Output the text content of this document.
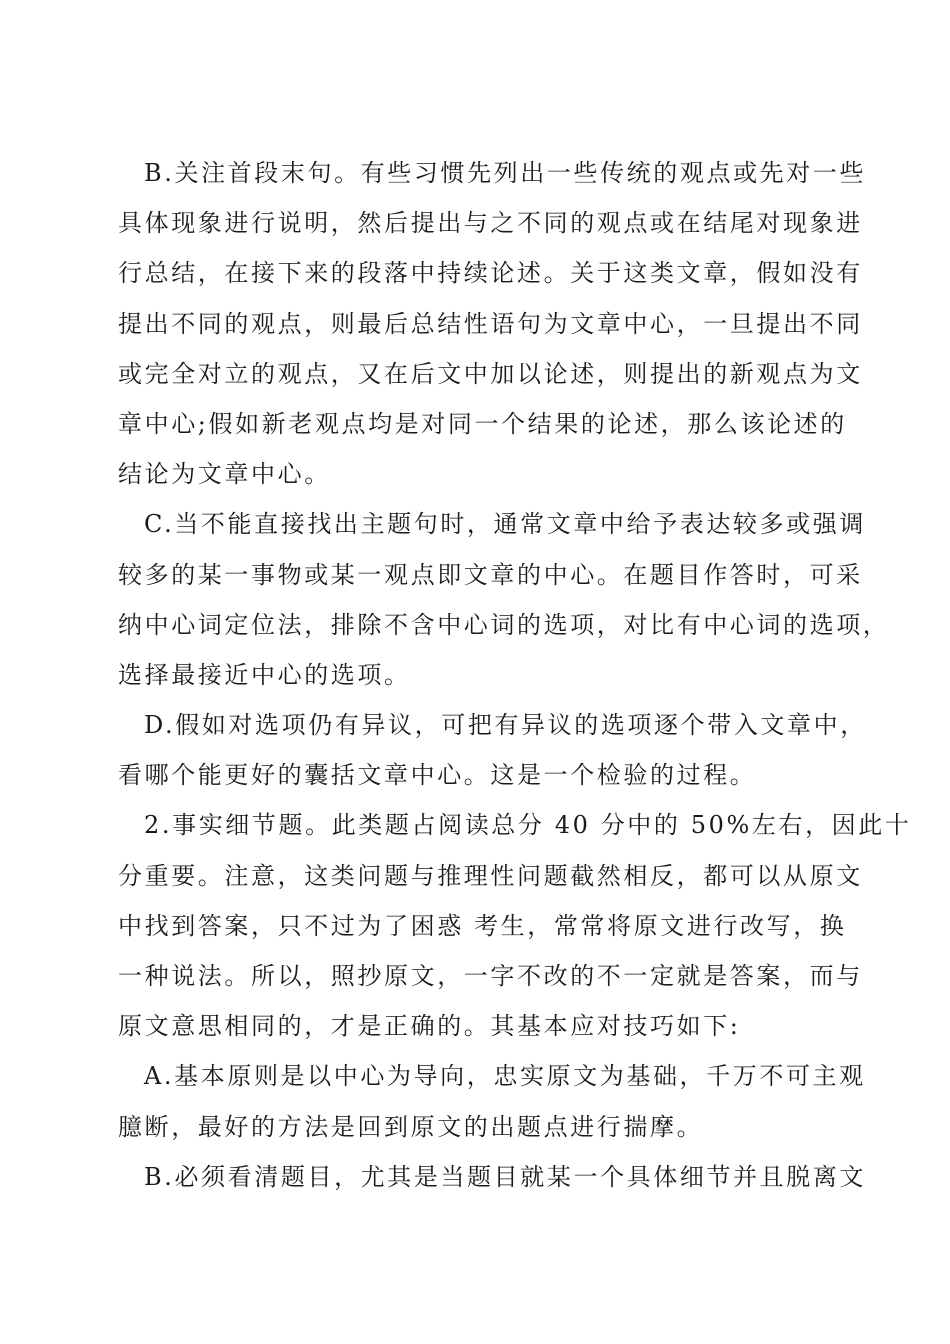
B.关注首段末句。有些习惯先列出一些传统的观点或先对一些
具体现象进行说明，然后提出与之不同的观点或在结尾对现象进
行总结，在接下来的段落中持续论述。关于这类文章，假如没有
提出不同的观点，则最后总结性语句为文章中心，一旦提出不同
或完全对立的观点，又在后文中加以论述，则提出的新观点为文
章中心;假如新老观点均是对同一个结果的论述，那么该论述的
结论为文章中心。
C.当不能直接找出主题句时，通常文章中给予表达较多或强调
较多的某一事物或某一观点即文章的中心。在题目作答时，可采
纳中心词定位法，排除不含中心词的选项，对比有中心词的选项，
选择最接近中心的选项。
D.假如对选项仍有异议，可把有异议的选项逐个带入文章中，
看哪个能更好的囊括文章中心。这是一个检验的过程。
2.事实细节题。此类题占阅读总分 40 分中的 50%左右，因此十
分重要。注意，这类问题与推理性问题截然相反，都可以从原文
中找到答案，只不过为了困惑 考生，常常将原文进行改写，换
一种说法。所以，照抄原文，一字不改的不一定就是答案，而与
原文意思相同的，才是正确的。其基本应对技巧如下:
A.基本原则是以中心为导向，忠实原文为基础，千万不可主观
臆断，最好的方法是回到原文的出题点进行揣摩。
B.必须看清题目，尤其是当题目就某一个具体细节并且脱离文
